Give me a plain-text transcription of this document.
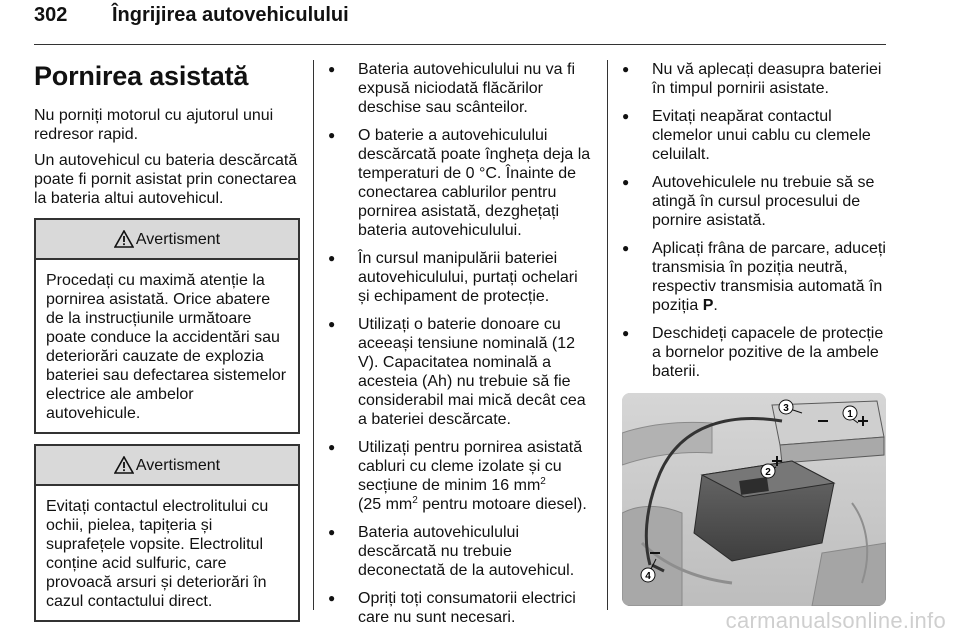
302 Îngrijirea autovehiculului
Pornirea asistată

Nu porniți motorul cu ajutorul unui redresor rapid.

Un autovehicul cu bateria descărcată poate fi pornit asistat prin conectarea la bateria altui autovehicul.

Avertisment
Procedați cu maximă atenție la pornirea asistată. Orice abatere de la instrucțiunile următoare poate conduce la accidentări sau deteriorări cauzate de explozia bateriei sau defectarea sistemelor electrice ale ambelor autovehicule.
Avertisment
Evitați contactul electrolitului cu ochii, pielea, tapițeria și suprafețele vopsite. Electrolitul conține acid sulfuric, care provoacă arsuri și deteriorări în cazul contactului direct.
● Bateria autovehiculului nu va fi expusă niciodată flăcărilor deschise sau scânteilor.
● O baterie a autovehiculului descărcată poate îngheța deja la temperaturi de 0 °C. Înainte de conectarea cablurilor pentru pornirea asistată, dezghețați bateria autovehiculului.
● În cursul manipulării bateriei autovehiculului, purtați ochelari și echipament de protecție.
● Utilizați o baterie donoare cu aceeași tensiune nominală (12 V). Capacitatea nominală a acesteia (Ah) nu trebuie să fie considerabil mai mică decât cea a bateriei descărcate.
● Utilizați pentru pornirea asistată cabluri cu cleme izolate și cu secțiune de minim 16 $mm^2$
(25 $mm^2$ pentru motoare diesel).
● Bateria autovehiculului descărcată nu trebuie deconectată de la autovehicul.
● Opriți toți consumatorii electrici care nu sunt necesari.
● Nu vă aplecați deasupra bateriei în timpul pornirii asistate.
● Evitați neapărat contactul clemelor unui cablu cu clemele celuilalt.
● Autovehiculele nu trebuie să se atingă în cursul procesului de pornire asistată.
● Aplicați frâna de parcare, aduceți transmisia în poziția neutră, respectiv transmisia automată în poziția P.
● Deschideți capacele de protecție a bornelor pozitive de la ambele baterii.
1
2
3
4
carmanualsonline.info
